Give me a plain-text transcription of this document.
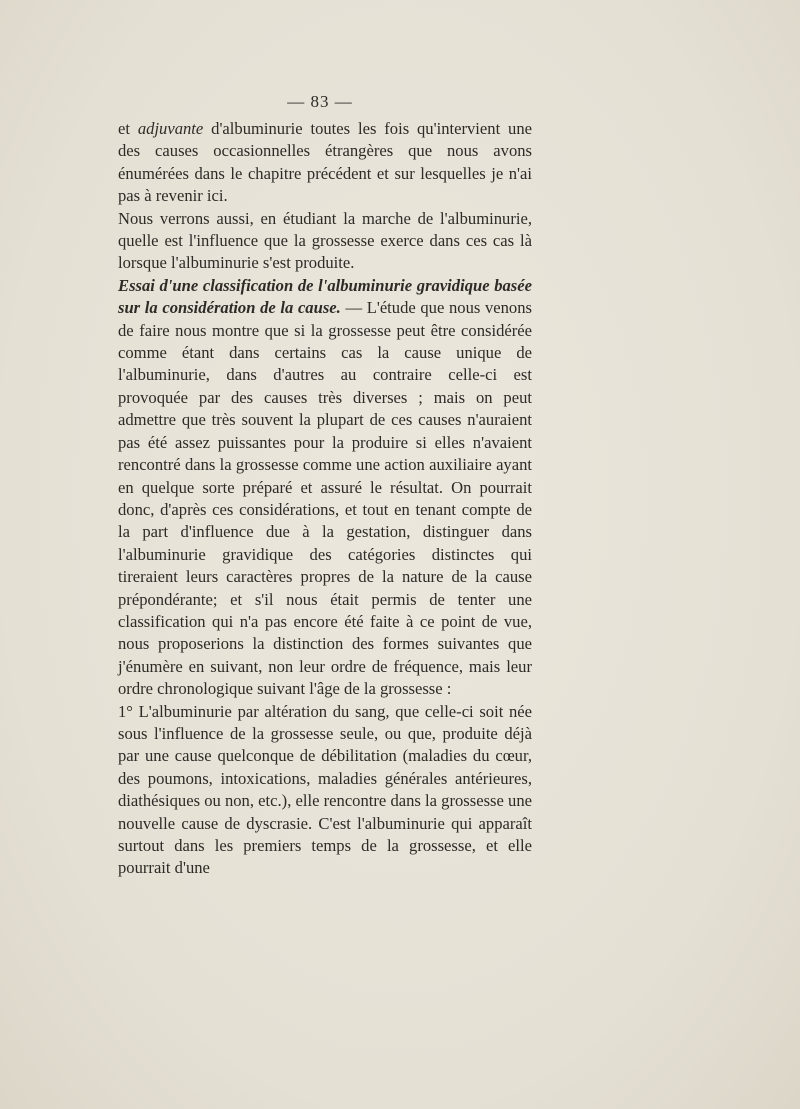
— 83 —

et adjuvante d'albuminurie toutes les fois qu'intervient une des causes occasionnelles étrangères que nous avons énumérées dans le chapitre précédent et sur lesquelles je n'ai pas à revenir ici.

Nous verrons aussi, en étudiant la marche de l'albuminurie, quelle est l'influence que la grossesse exerce dans ces cas là lorsque l'albuminurie s'est produite.

Essai d'une classification de l'albuminurie gravidique basée sur la considération de la cause. — L'étude que nous venons de faire nous montre que si la grossesse peut être considérée comme étant dans certains cas la cause unique de l'albuminurie, dans d'autres au contraire celle-ci est provoquée par des causes très diverses ; mais on peut admettre que très souvent la plupart de ces causes n'auraient pas été assez puissantes pour la produire si elles n'avaient rencontré dans la grossesse comme une action auxiliaire ayant en quelque sorte préparé et assuré le résultat. On pourrait donc, d'après ces considérations, et tout en tenant compte de la part d'influence due à la gestation, distinguer dans l'albuminurie gravidique des catégories distinctes qui tireraient leurs caractères propres de la nature de la cause prépondérante; et s'il nous était permis de tenter une classification qui n'a pas encore été faite à ce point de vue, nous proposerions la distinction des formes suivantes que j'énumère en suivant, non leur ordre de fréquence, mais leur ordre chronologique suivant l'âge de la grossesse :

1° L'albuminurie par altération du sang, que celle-ci soit née sous l'influence de la grossesse seule, ou que, produite déjà par une cause quelconque de débilitation (maladies du cœur, des poumons, intoxications, maladies générales antérieures, diathésiques ou non, etc.), elle rencontre dans la grossesse une nouvelle cause de dyscrasie. C'est l'albuminurie qui apparaît surtout dans les premiers temps de la grossesse, et elle pourrait d'une
